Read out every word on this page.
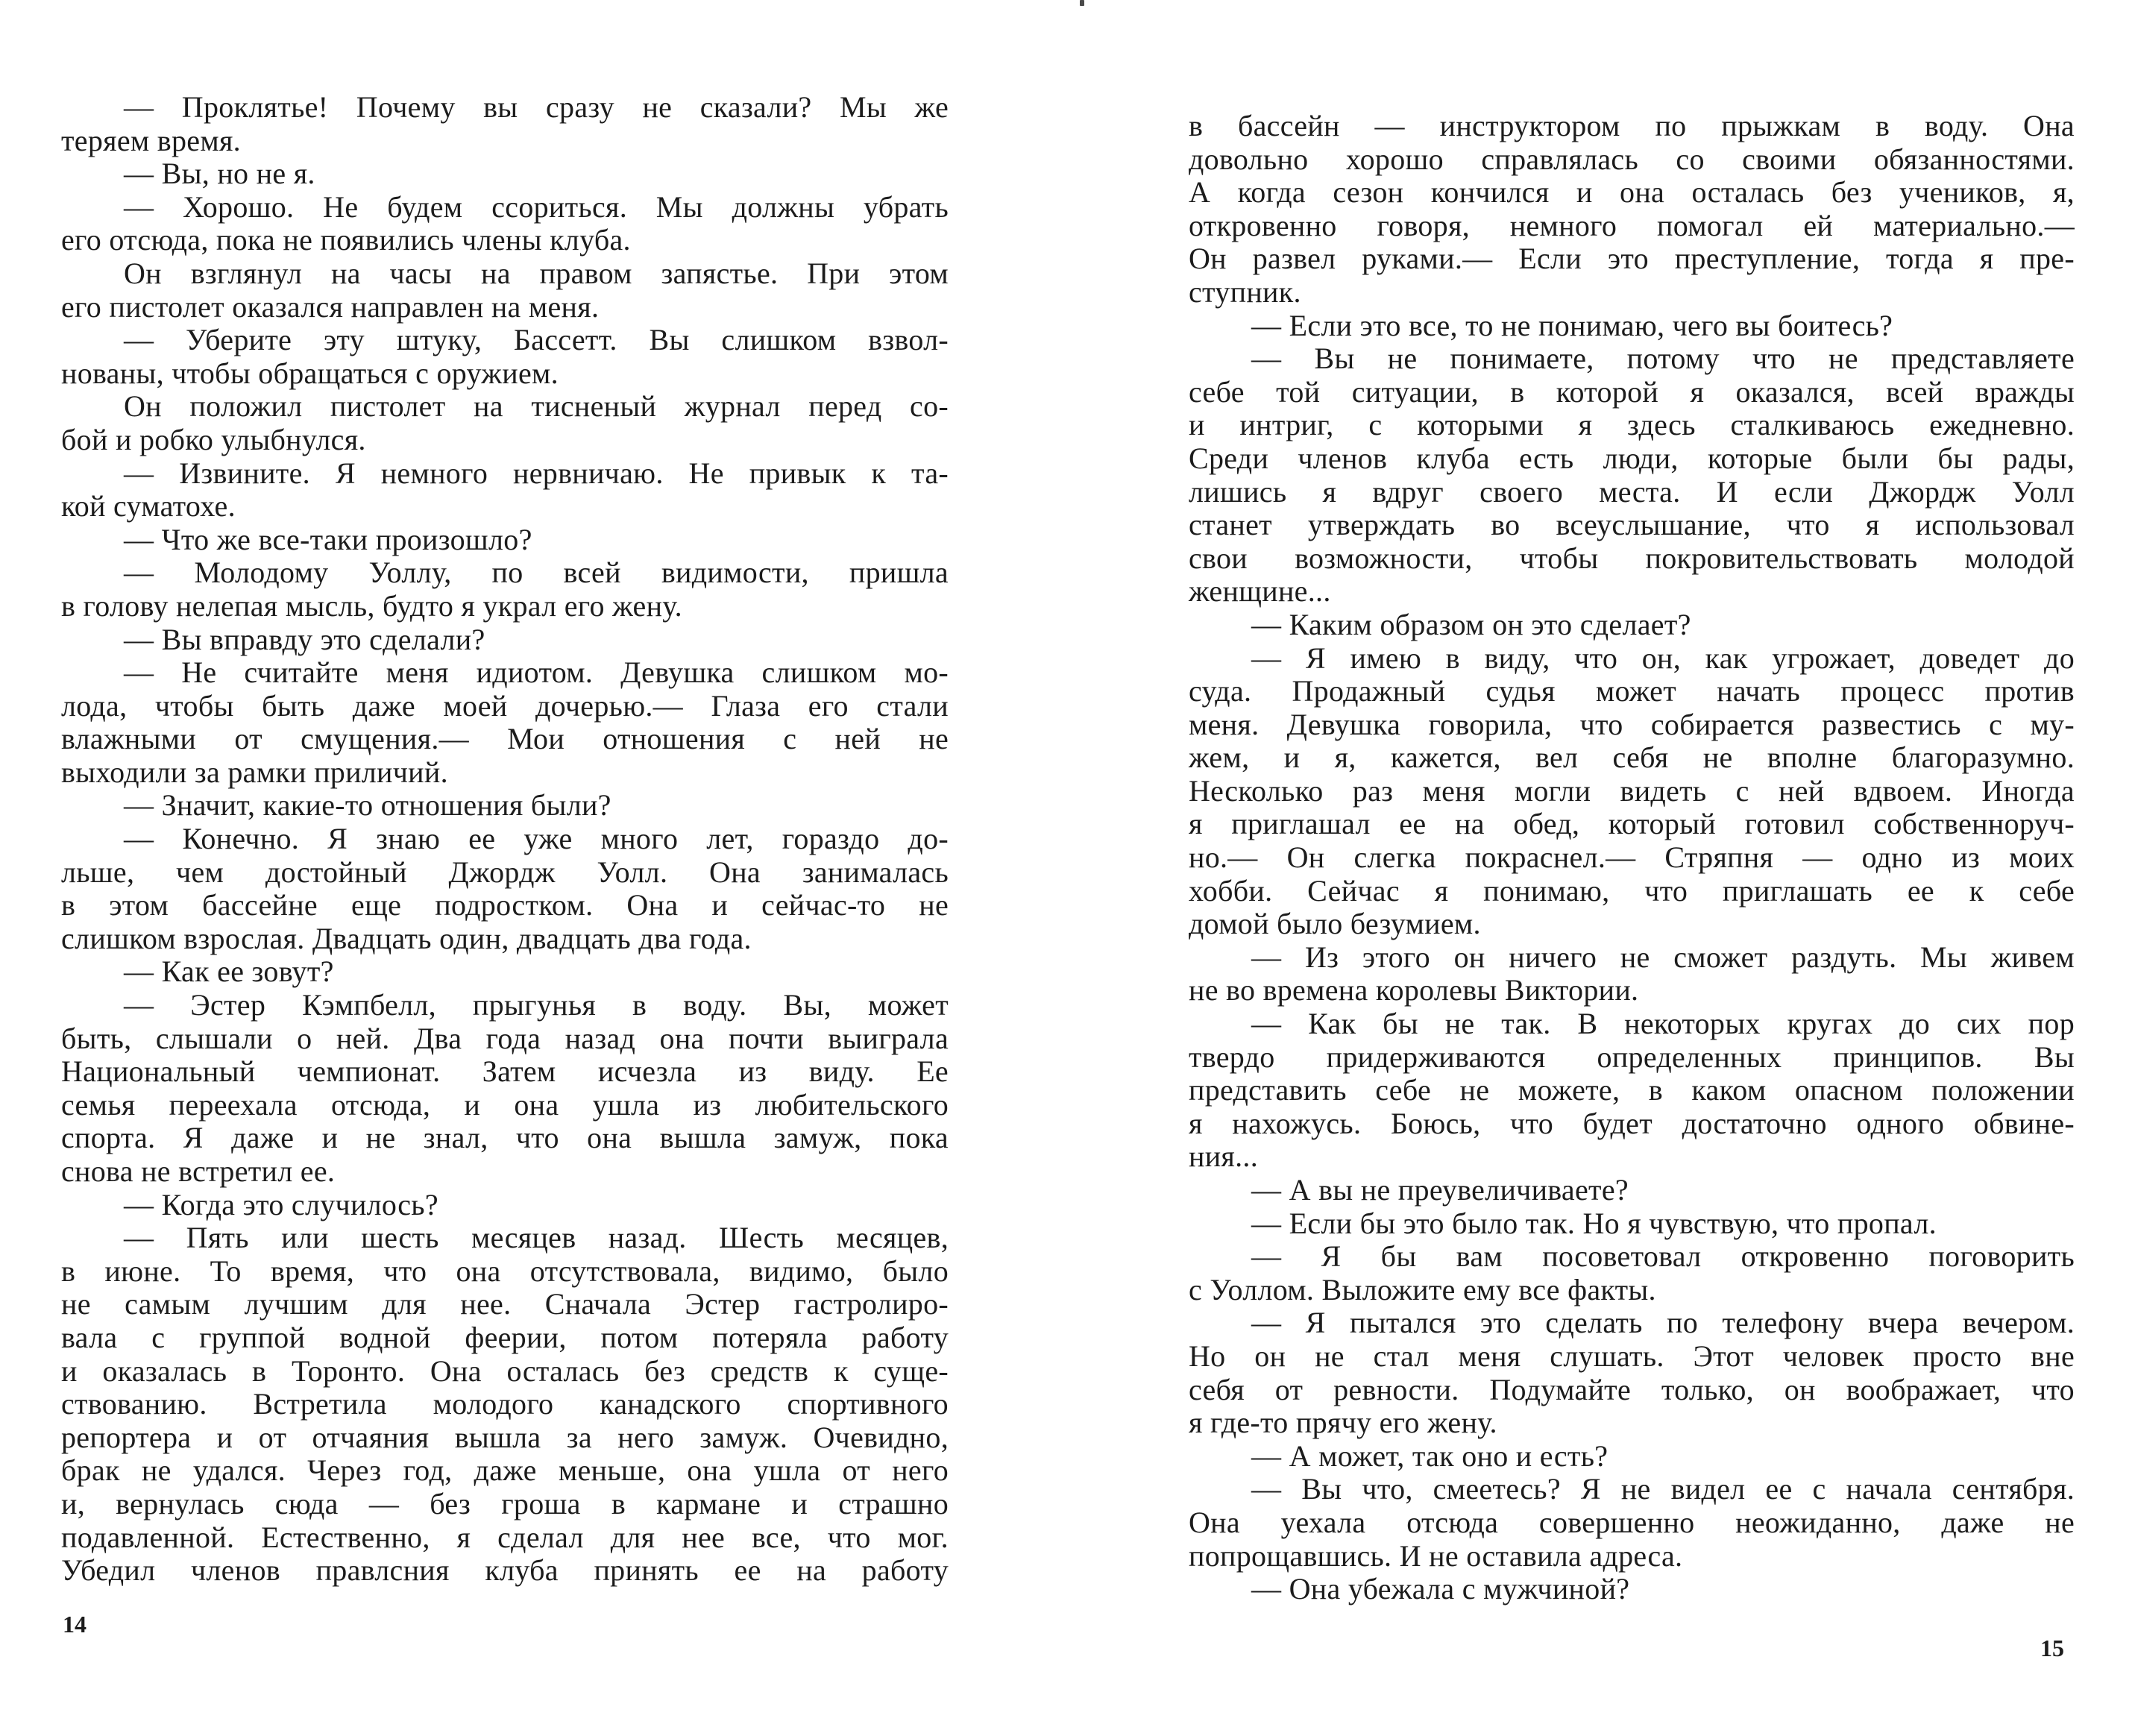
— Проклятье! Почему вы сразу не сказали? Мы же
теряем время.
— Вы, но не я.
— Хорошо. Не будем ссориться. Мы должны убрать
его отсюда, пока не появились члены клуба.
Он взглянул на часы на правом запястье. При этом
его пистолет оказался направлен на меня.
— Уберите эту штуку, Бассетт. Вы слишком взвол-
нованы, чтобы обращаться с оружием.
Он положил пистолет на тисненый журнал перед со-
бой и робко улыбнулся.
— Извините. Я немного нервничаю. Не привык к та-
кой суматохе.
— Что же все-таки произошло?
— Молодому Уоллу, по всей видимости, пришла
в голову нелепая мысль, будто я украл его жену.
— Вы вправду это сделали?
— Не считайте меня идиотом. Девушка слишком мо-
лода, чтобы быть даже моей дочерью.— Глаза его стали
влажными от смущения.— Мои отношения с ней не
выходили за рамки приличий.
— Значит, какие-то отношения были?
— Конечно. Я знаю ее уже много лет, гораздо до-
льше, чем достойный Джордж Уолл. Она занималась
в этом бассейне еще подростком. Она и сейчас-то не
слишком взрослая. Двадцать один, двадцать два года.
— Как ее зовут?
— Эстер Кэмпбелл, прыгунья в воду. Вы, может
быть, слышали о ней. Два года назад она почти выиграла
Национальный чемпионат. Затем исчезла из виду. Ее
семья переехала отсюда, и она ушла из любительского
спорта. Я даже и не знал, что она вышла замуж, пока
снова не встретил ее.
— Когда это случилось?
— Пять или шесть месяцев назад. Шесть месяцев,
в июне. То время, что она отсутствовала, видимо, было
не самым лучшим для нее. Сначала Эстер гастролиро-
вала с группой водной феерии, потом потеряла работу
и оказалась в Торонто. Она осталась без средств к суще-
ствованию. Встретила молодого канадского спортивного
репортера и от отчаяния вышла за него замуж. Очевидно,
брак не удался. Через год, даже меньше, она ушла от него
и, вернулась сюда — без гроша в кармане и страшно
подавленной. Естественно, я сделал для нее все, что мог.
Убедил членов правлсния клуба принять ее на работу
14
в бассейн — инструктором по прыжкам в воду. Она
довольно хорошо справлялась со своими обязанностями.
А когда сезон кончился и она осталась без учеников, я,
откровенно говоря, немного помогал ей материально.—
Он развел руками.— Если это преступление, тогда я пре-
ступник.
— Если это все, то не понимаю, чего вы боитесь?
— Вы не понимаете, потому что не представляете
себе той ситуации, в которой я оказался, всей вражды
и интриг, с которыми я здесь сталкиваюсь ежедневно.
Среди членов клуба есть люди, которые были бы рады,
лишись я вдруг своего места. И если Джордж Уолл
станет утверждать во всеуслышание, что я использовал
свои возможности, чтобы покровительствовать молодой
женщине...
— Каким образом он это сделает?
— Я имею в виду, что он, как угрожает, доведет до
суда. Продажный судья может начать процесс против
меня. Девушка говорила, что собирается развестись с му-
жем, и я, кажется, вел себя не вполне благоразумно.
Несколько раз меня могли видеть с ней вдвоем. Иногда
я приглашал ее на обед, который готовил собственноруч-
но.— Он слегка покраснел.— Стряпня — одно из моих
хобби. Сейчас я понимаю, что приглашать ее к себе
домой было безумием.
— Из этого он ничего не сможет раздуть. Мы живем
не во времена королевы Виктории.
— Как бы не так. В некоторых кругах до сих пор
твердо придерживаются определенных принципов. Вы
представить себе не можете, в каком опасном положении
я нахожусь. Боюсь, что будет достаточно одного обвине-
ния...
— А вы не преувеличиваете?
— Если бы это было так. Но я чувствую, что пропал.
— Я бы вам посоветовал откровенно поговорить
с Уоллом. Выложите ему все факты.
— Я пытался это сделать по телефону вчера вечером.
Но он не стал меня слушать. Этот человек просто вне
себя от ревности. Подумайте только, он воображает, что
я где-то прячу его жену.
— А может, так оно и есть?
— Вы что, смеетесь? Я не видел ее с начала сентября.
Она уехала отсюда совершенно неожиданно, даже не
попрощавшись. И не оставила адреса.
— Она убежала с мужчиной?
15
